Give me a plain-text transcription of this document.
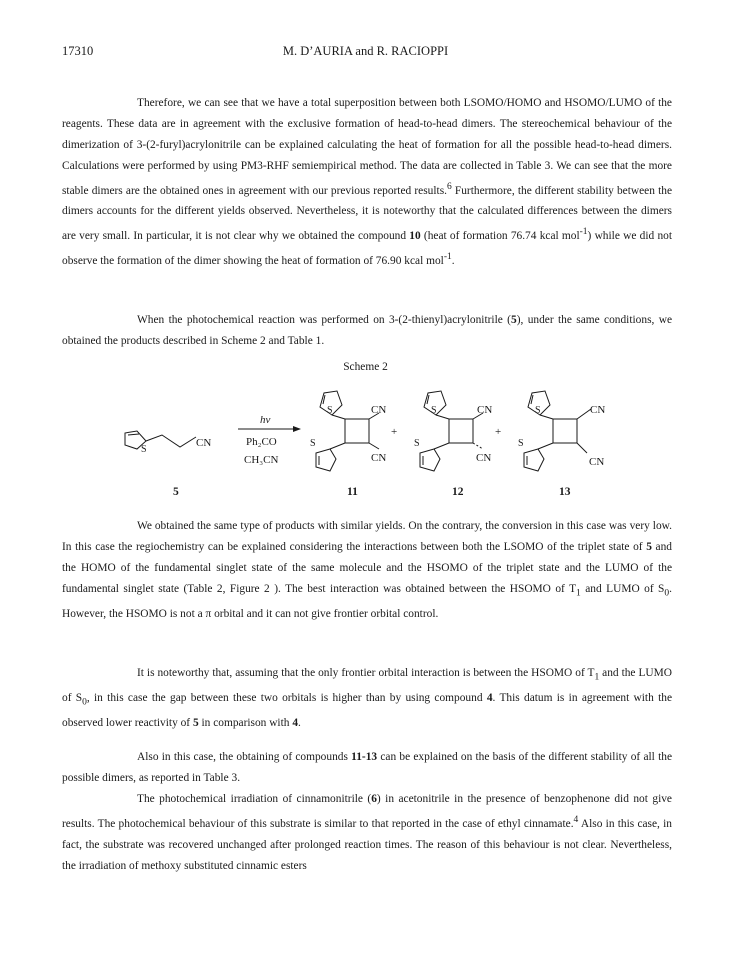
17310	M. D’AURIA and R. RACIOPPI

Therefore, we can see that we have a total superposition between both LSOMO/HOMO and HSOMO/LUMO of the reagents. These data are in agreement with the exclusive formation of head-to-head dimers. The stereochemical behaviour of the dimerization of 3-(2-furyl)acrylonitrile can be explained calculating the heat of formation for all the possible head-to-head dimers. Calculations were performed by using PM3-RHF semiempirical method. The data are collected in Table 3. We can see that the more stable dimers are the obtained ones in agreement with our previous reported results.$^6$ Furthermore, the different stability between the dimers accounts for the different yields observed. Nevertheless, it is noteworthy that the calculated differences between the dimers are very small. In particular, it is not clear why we obtained the compound 10 (heat of formation 76.74 kcal mol$^{-1}$) while we did not observe the formation of the dimer showing the heat of formation of 76.90 kcal mol$^{-1}$.

When the photochemical reaction was performed on 3-(2-thienyl)acrylonitrile (5), under the same conditions, we obtained the products described in Scheme 2 and Table 1.

Scheme 2
S
CN
hv
Ph₂CO
CH₃CN
S
S
CN
CN
+
S
S
CN
CN
+
S
S
CN
CN
5	11	12	13

We obtained the same type of products with similar yields. On the contrary, the conversion in this case was very low. In this case the regiochemistry can be explained considering the interactions between both the LSOMO of the triplet state of 5 and the HOMO of the fundamental singlet state of the same molecule and the HSOMO of the triplet state and the LUMO of the fundamental singlet state (Table 2, Figure 2 ). The best interaction was obtained between the HSOMO of $T_1$ and LUMO of $S_0$. However, the HSOMO is not a π orbital and it can not give frontier orbital control.

It is noteworthy that, assuming that the only frontier orbital interaction is between the HSOMO of $T_1$ and the LUMO of $S_0$, in this case the gap between these two orbitals is higher than by using compound 4. This datum is in agreement with the observed lower reactivity of 5 in comparison with 4.

Also in this case, the obtaining of compounds 11-13 can be explained on the basis of the different stability of all the possible dimers, as reported in Table 3.

The photochemical irradiation of cinnamonitrile (6) in acetonitrile in the presence of benzophenone did not give results. The photochemical behaviour of this substrate is similar to that reported in the case of ethyl cinnamate.$^4$ Also in this case, in fact, the substrate was recovered unchanged after prolonged reaction times. The reason of this behaviour is not clear. Nevertheless, the irradiation of methoxy substituted cinnamic esters
